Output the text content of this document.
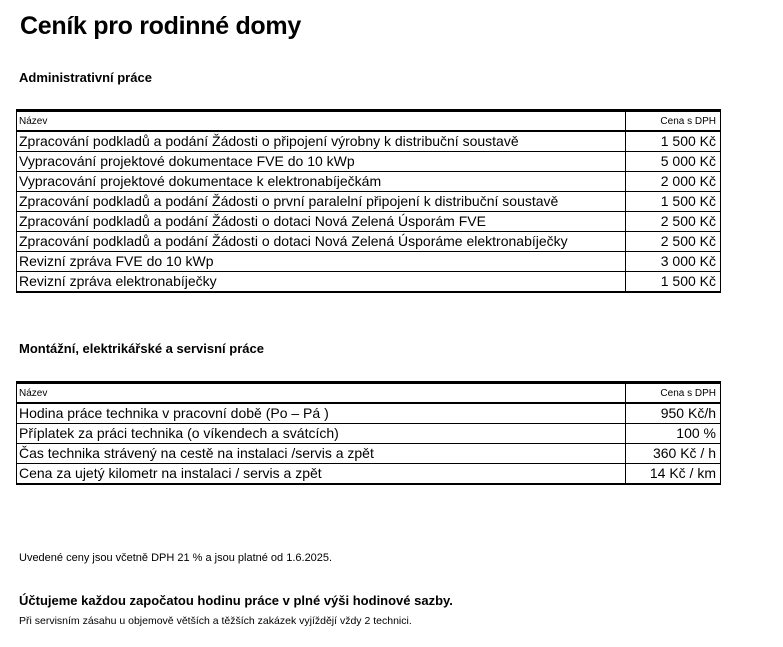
Ceník pro rodinné domy
Administrativní práce
Název	Cena s DPH
Zpracování podkladů a podání Žádosti o připojení výrobny k distribuční soustavě	1 500 Kč
Vypracování projektové dokumentace FVE do 10 kWp	5 000 Kč
Vypracování projektové dokumentace k elektronabíječkám	2 000 Kč
Zpracování podkladů a podání Žádosti o první paralelní připojení k distribuční soustavě	1 500 Kč
Zpracování podkladů a podání Žádosti o dotaci Nová Zelená Úsporám FVE	2 500 Kč
Zpracování podkladů a podání Žádosti o dotaci Nová Zelená Úsporáme elektronabíječky	2 500 Kč
Revizní zpráva FVE do 10 kWp	3 000 Kč
Revizní zpráva elektronabíječky	1 500 Kč
Montážní, elektrikářské a servisní práce
Název	Cena s DPH
Hodina práce technika v pracovní době (Po – Pá )	950 Kč/h
Příplatek za práci technika (o víkendech a svátcích)	100 %
Čas technika strávený na cestě na instalaci /servis a zpět	360 Kč / h
Cena za ujetý kilometr na instalaci / servis a zpět	14 Kč / km

Uvedené ceny jsou včetně DPH 21 % a jsou platné od 1.6.2025.

Účtujeme každou započatou hodinu práce v plné výši hodinové sazby.

Při servisním zásahu u objemově větších a těžších zakázek vyjíždějí vždy 2 technici.
